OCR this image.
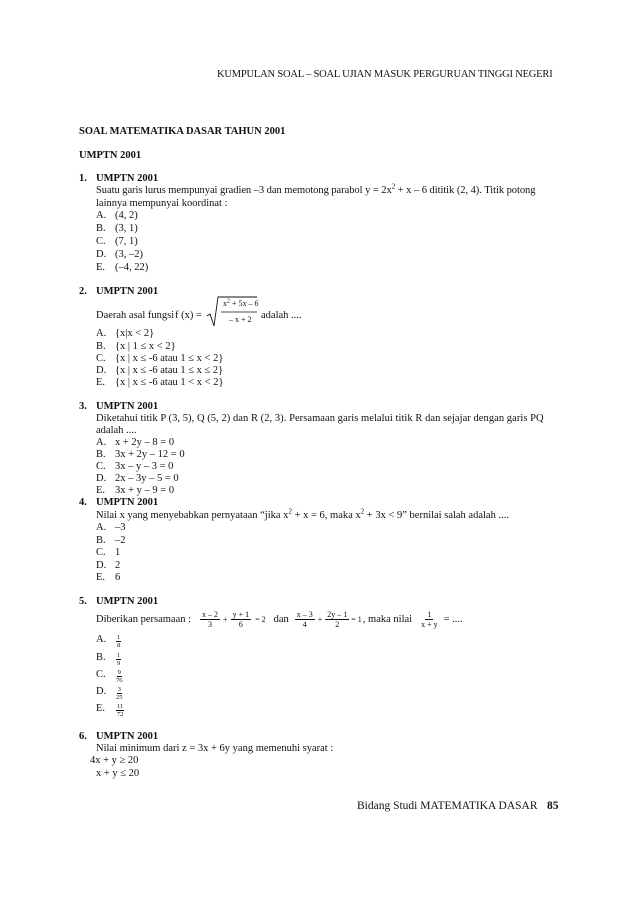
KUMPULAN SOAL – SOAL UJIAN MASUK PERGURUAN TINGGI NEGERI
SOAL MATEMATIKA DASAR TAHUN 2001
UMPTN 2001
1. UMPTN 2001
Suatu garis lurus mempunyai gradien –3 dan memotong parabol $y = 2x^2 + x - 6$ dititik (2, 4). Titik potong
lainnya mempunyai koordinat :
A. (4, 2)
B. (3, 1)
C. (7, 1)
D. (3, –2)
E. (–4, 22)
2. UMPTN 2001
Daerah asal fungsi f (x) =
$x^2 + 5x - 6$
– x + 2 adalah ....
A. {x|x < 2}
B. {x | 1 ≤ x < 2}
C. {x | x ≤ -6 atau 1 ≤ x < 2}
D. {x | x ≤ -6 atau 1 ≤ x ≤ 2}
E. {x | x ≤ -6 atau 1 < x < 2}
3. UMPTN 2001
Diketahui titik P (3, 5), Q (5, 2) dan R (2, 3). Persamaan garis melalui titik R dan sejajar dengan garis PQ
adalah ....
A. x + 2y – 8 = 0
B. 3x + 2y – 12 = 0
C. 3x – y – 3 = 0
D. 2x – 3y – 5 = 0
E. 3x + y – 9 = 0
4. UMPTN 2001
Nilai x yang menyebabkan pernyataan “jika $x^2 + x = 6$, maka $x^2 + 3x < 9$” bernilai salah adalah ....
A. –3
B. –2
C. 1
D. 2
E. 6
5. UMPTN 2001
Diberikan persamaan : $\frac{x - 2}{3} + \frac{y + 1}{6} = 2$ dan $\frac{x - 3}{4} + \frac{2y - 1}{2} = 1$ , maka nilai $\frac{1}{x + y}$ = ....
A. $\frac{1}{8}$
B. $\frac{1}{9}$
C. $\frac{9}{76}$
D. $\frac{3}{25}$
E. $\frac{11}{72}$
6. UMPTN 2001
Nilai minimum dari z = 3x + 6y yang memenuhi syarat :
4x + y ≥ 20
x + y ≤ 20
Bidang Studi MATEMATIKA DASAR 85
